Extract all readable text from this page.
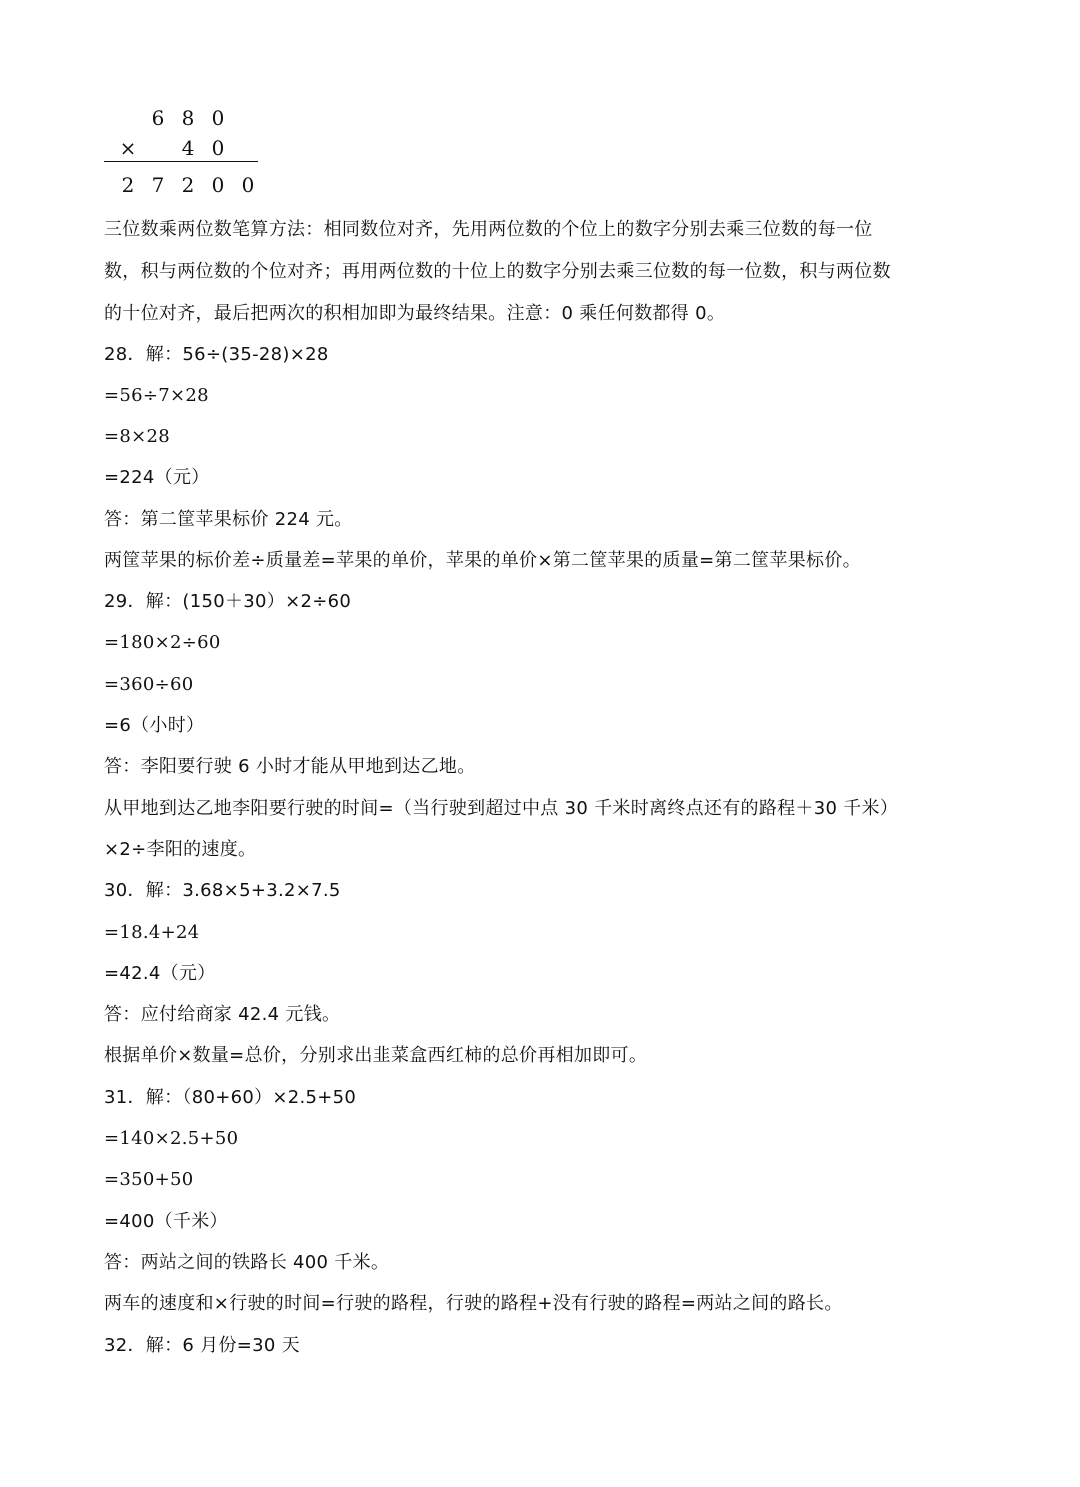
6 8 0
× 4 0
2 7 2 0 0
三位数乘两位数笔算方法：相同数位对齐，先用两位数的个位上的数字分别去乘三位数的每一位
数，积与两位数的个位对齐；再用两位数的十位上的数字分别去乘三位数的每一位数，积与两位数
的十位对齐，最后把两次的积相加即为最终结果。注意：0 乘任何数都得 0。
28．解：56÷(35-28)×28
=56÷7×28
=8×28
=224（元）
答：第二筐苹果标价 224 元。
两筐苹果的标价差÷质量差=苹果的单价，苹果的单价×第二筐苹果的质量=第二筐苹果标价。
29．解：(150＋30）×2÷60
=180×2÷60
=360÷60
=6（小时）
答：李阳要行驶 6 小时才能从甲地到达乙地。
从甲地到达乙地李阳要行驶的时间=（当行驶到超过中点 30 千米时离终点还有的路程＋30 千米）
×2÷李阳的速度。
30．解：3.68×5+3.2×7.5
=18.4+24
=42.4（元）
答：应付给商家 42.4 元钱。
根据单价×数量=总价，分别求出韭菜盒西红柿的总价再相加即可。
31．解：（80+60）×2.5+50
=140×2.5+50
=350+50
=400（千米）
答：两站之间的铁路长 400 千米。
两车的速度和×行驶的时间=行驶的路程，行驶的路程+没有行驶的路程=两站之间的路长。
32．解：6 月份=30 天
